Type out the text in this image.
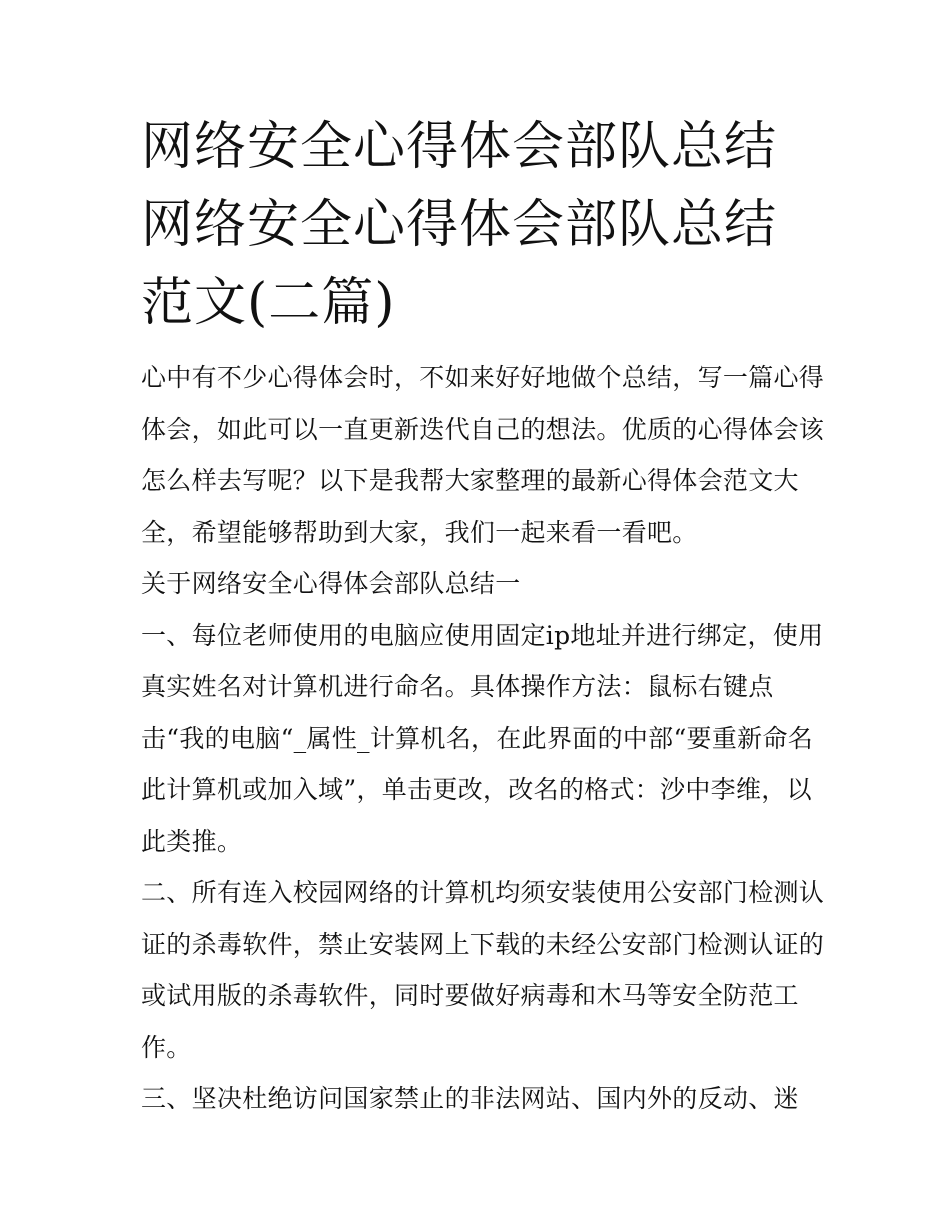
网络安全心得体会部队总结 网络安全心得体会部队总结范文(二篇)

心中有不少心得体会时，不如来好好地做个总结，写一篇心得体会，如此可以一直更新迭代自己的想法。优质的心得体会该怎么样去写呢？以下是我帮大家整理的最新心得体会范文大全，希望能够帮助到大家，我们一起来看一看吧。

关于网络安全心得体会部队总结一

一、每位老师使用的电脑应使用固定ip地址并进行绑定，使用真实姓名对计算机进行命名。具体操作方法：鼠标右键点击“我的电脑“_属性_计算机名，在此界面的中部“要重新命名此计算机或加入域”，单击更改，改名的格式：沙中李维，以此类推。

二、所有连入校园网络的计算机均须安装使用公安部门检测认证的杀毒软件，禁止安装网上下载的未经公安部门检测认证的或试用版的杀毒软件，同时要做好病毒和木马等安全防范工作。

三、坚决杜绝访问国家禁止的非法网站、国内外的反动、迷
